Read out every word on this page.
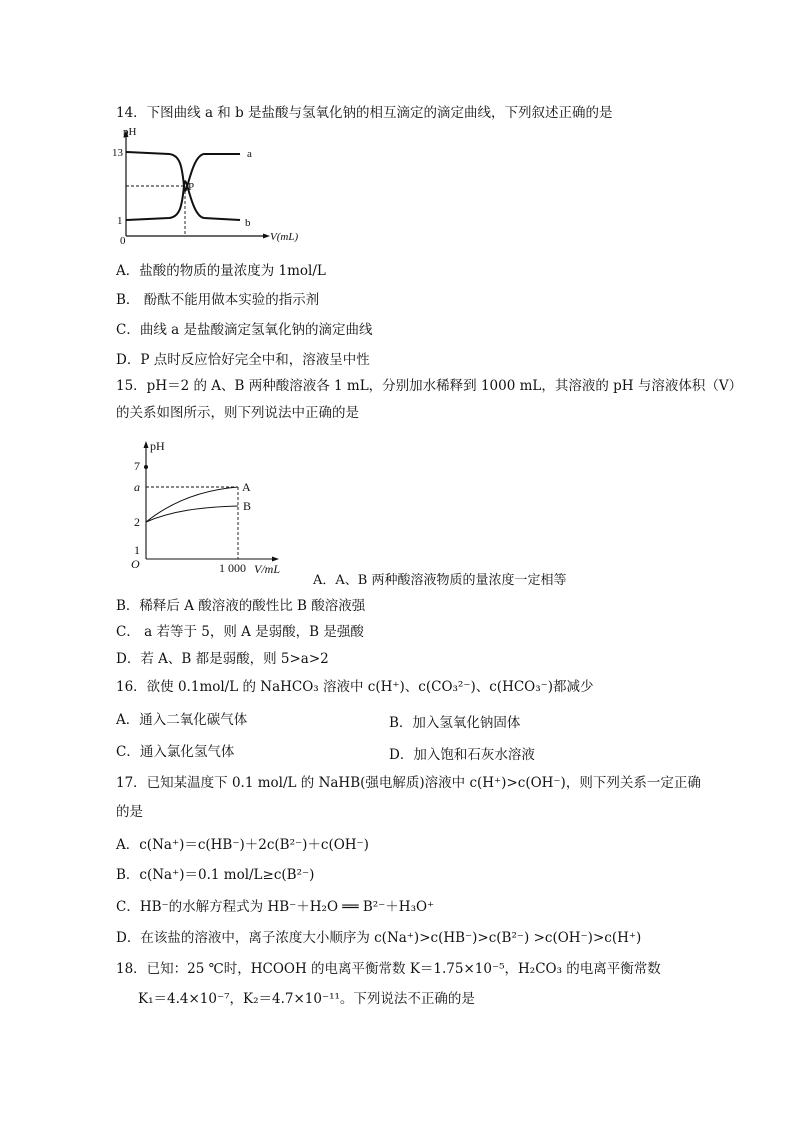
14．下图曲线 a 和 b 是盐酸与氢氧化钠的相互滴定的滴定曲线，下列叙述正确的是
pH
13
1
0
P
a
b
V(mL)
A．盐酸的物质的量浓度为 1mol/L
B． 酚酞不能用做本实验的指示剂
C．曲线 a 是盐酸滴定氢氧化钠的滴定曲线
D．P 点时反应恰好完全中和，溶液呈中性
15．pH＝2 的 A、B 两种酸溶液各 1 mL，分别加水稀释到 1000 mL，其溶液的 pH 与溶液体积（V）
的关系如图所示，则下列说法中正确的是
pH
7
a
2
1
O	1 000 V/mL
A
B
A．A、B 两种酸溶液物质的量浓度一定相等
B．稀释后 A 酸溶液的酸性比 B 酸溶液强
C． a 若等于 5，则 A 是弱酸，B 是强酸
D．若 A、B 都是弱酸，则 5>a>2
16．欲使 0.1mol/L 的 NaHCO₃ 溶液中 c(H⁺)、c(CO₃²⁻)、c(HCO₃⁻)都减少
A．通入二氧化碳气体	B．加入氢氧化钠固体
C．通入氯化氢气体	D．加入饱和石灰水溶液
17．已知某温度下 0.1 mol/L 的 NaHB(强电解质)溶液中 c(H⁺)>c(OH⁻)，则下列关系一定正确
的是
A．c(Na⁺)＝c(HB⁻)＋2c(B²⁻)＋c(OH⁻)
B．c(Na⁺)＝0.1 mol/L≥c(B²⁻)
C．HB⁻的水解方程式为 HB⁻＋H₂O ══ B²⁻＋H₃O⁺
D．在该盐的溶液中，离子浓度大小顺序为 c(Na⁺)>c(HB⁻)>c(B²⁻) >c(OH⁻)>c(H⁺)
18．已知：25 ℃时，HCOOH 的电离平衡常数 K＝1.75×10⁻⁵，H₂CO₃ 的电离平衡常数
K₁＝4.4×10⁻⁷，K₂＝4.7×10⁻¹¹。下列说法不正确的是
